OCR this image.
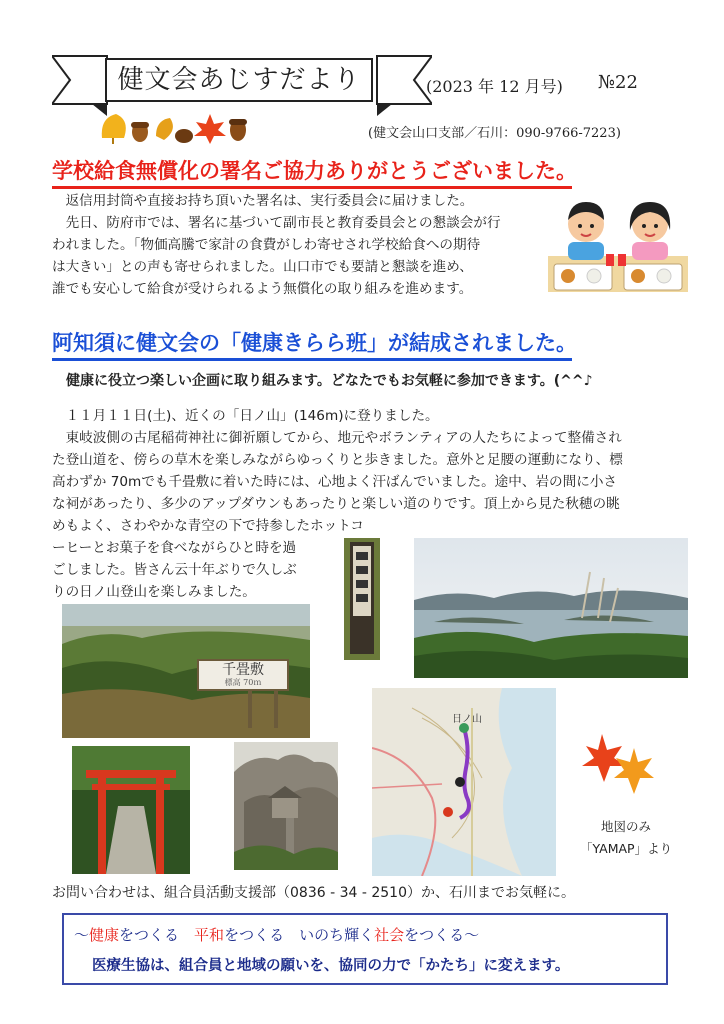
健文会あじすだより	(2023 年 12 月号) №22
(健文会山口支部／石川：090-9766-7223)
学校給食無償化の署名ご協力ありがとうございました。
　返信用封筒や直接お持ち頂いた署名は、実行委員会に届けました。
　先日、防府市では、署名に基づいて副市長と教育委員会との懇談会が行
われました。「物価高騰で家計の食費がしわ寄せされ学校給食への期待
は大きい」との声も寄せられました。山口市でも要請と懇談を進め、
誰でも安心して給食が受けられるよう無償化の取り組みを進めます。
阿知須に健文会の「健康きらら班」が結成されました。
健康に役立つ楽しい企画に取り組みます。どなたでもお気軽に参加できます。(^^♪
　１１月１１日(土)、近くの「日ノ山」(146m)に登りました。
　東岐波側の古尾稲荷神社に御祈願してから、地元やボランティアの人たちによって整備され
た登山道を、傍らの草木を楽しみながらゆっくりと歩きました。意外と足腰の運動になり、標
高わずか 70mでも千畳敷に着いた時には、心地よく汗ばんでいました。途中、岩の間に小さ
な祠があったり、多少のアップダウンもあったりと楽しい道のりです。頂上から見た秋穂の眺
めもよく、さわやかな青空の下で持参したホットコ
ーヒーとお菓子を食べながらひと時を過
ごしました。皆さん云十年ぶりで久しぶ
りの日ノ山登山を楽しみました。
千畳敷
標高 70ｍ
日ノ山
地図のみ
「YAMAP」より
お問い合わせは、組合員活動支援部（0836 - 34 - 2510）か、石川までお気軽に。
〜健康をつくる　平和をつくる　いのち輝く社会をつくる〜
医療生協は、組合員と地域の願いを、協同の力で「かたち」に変えます。
